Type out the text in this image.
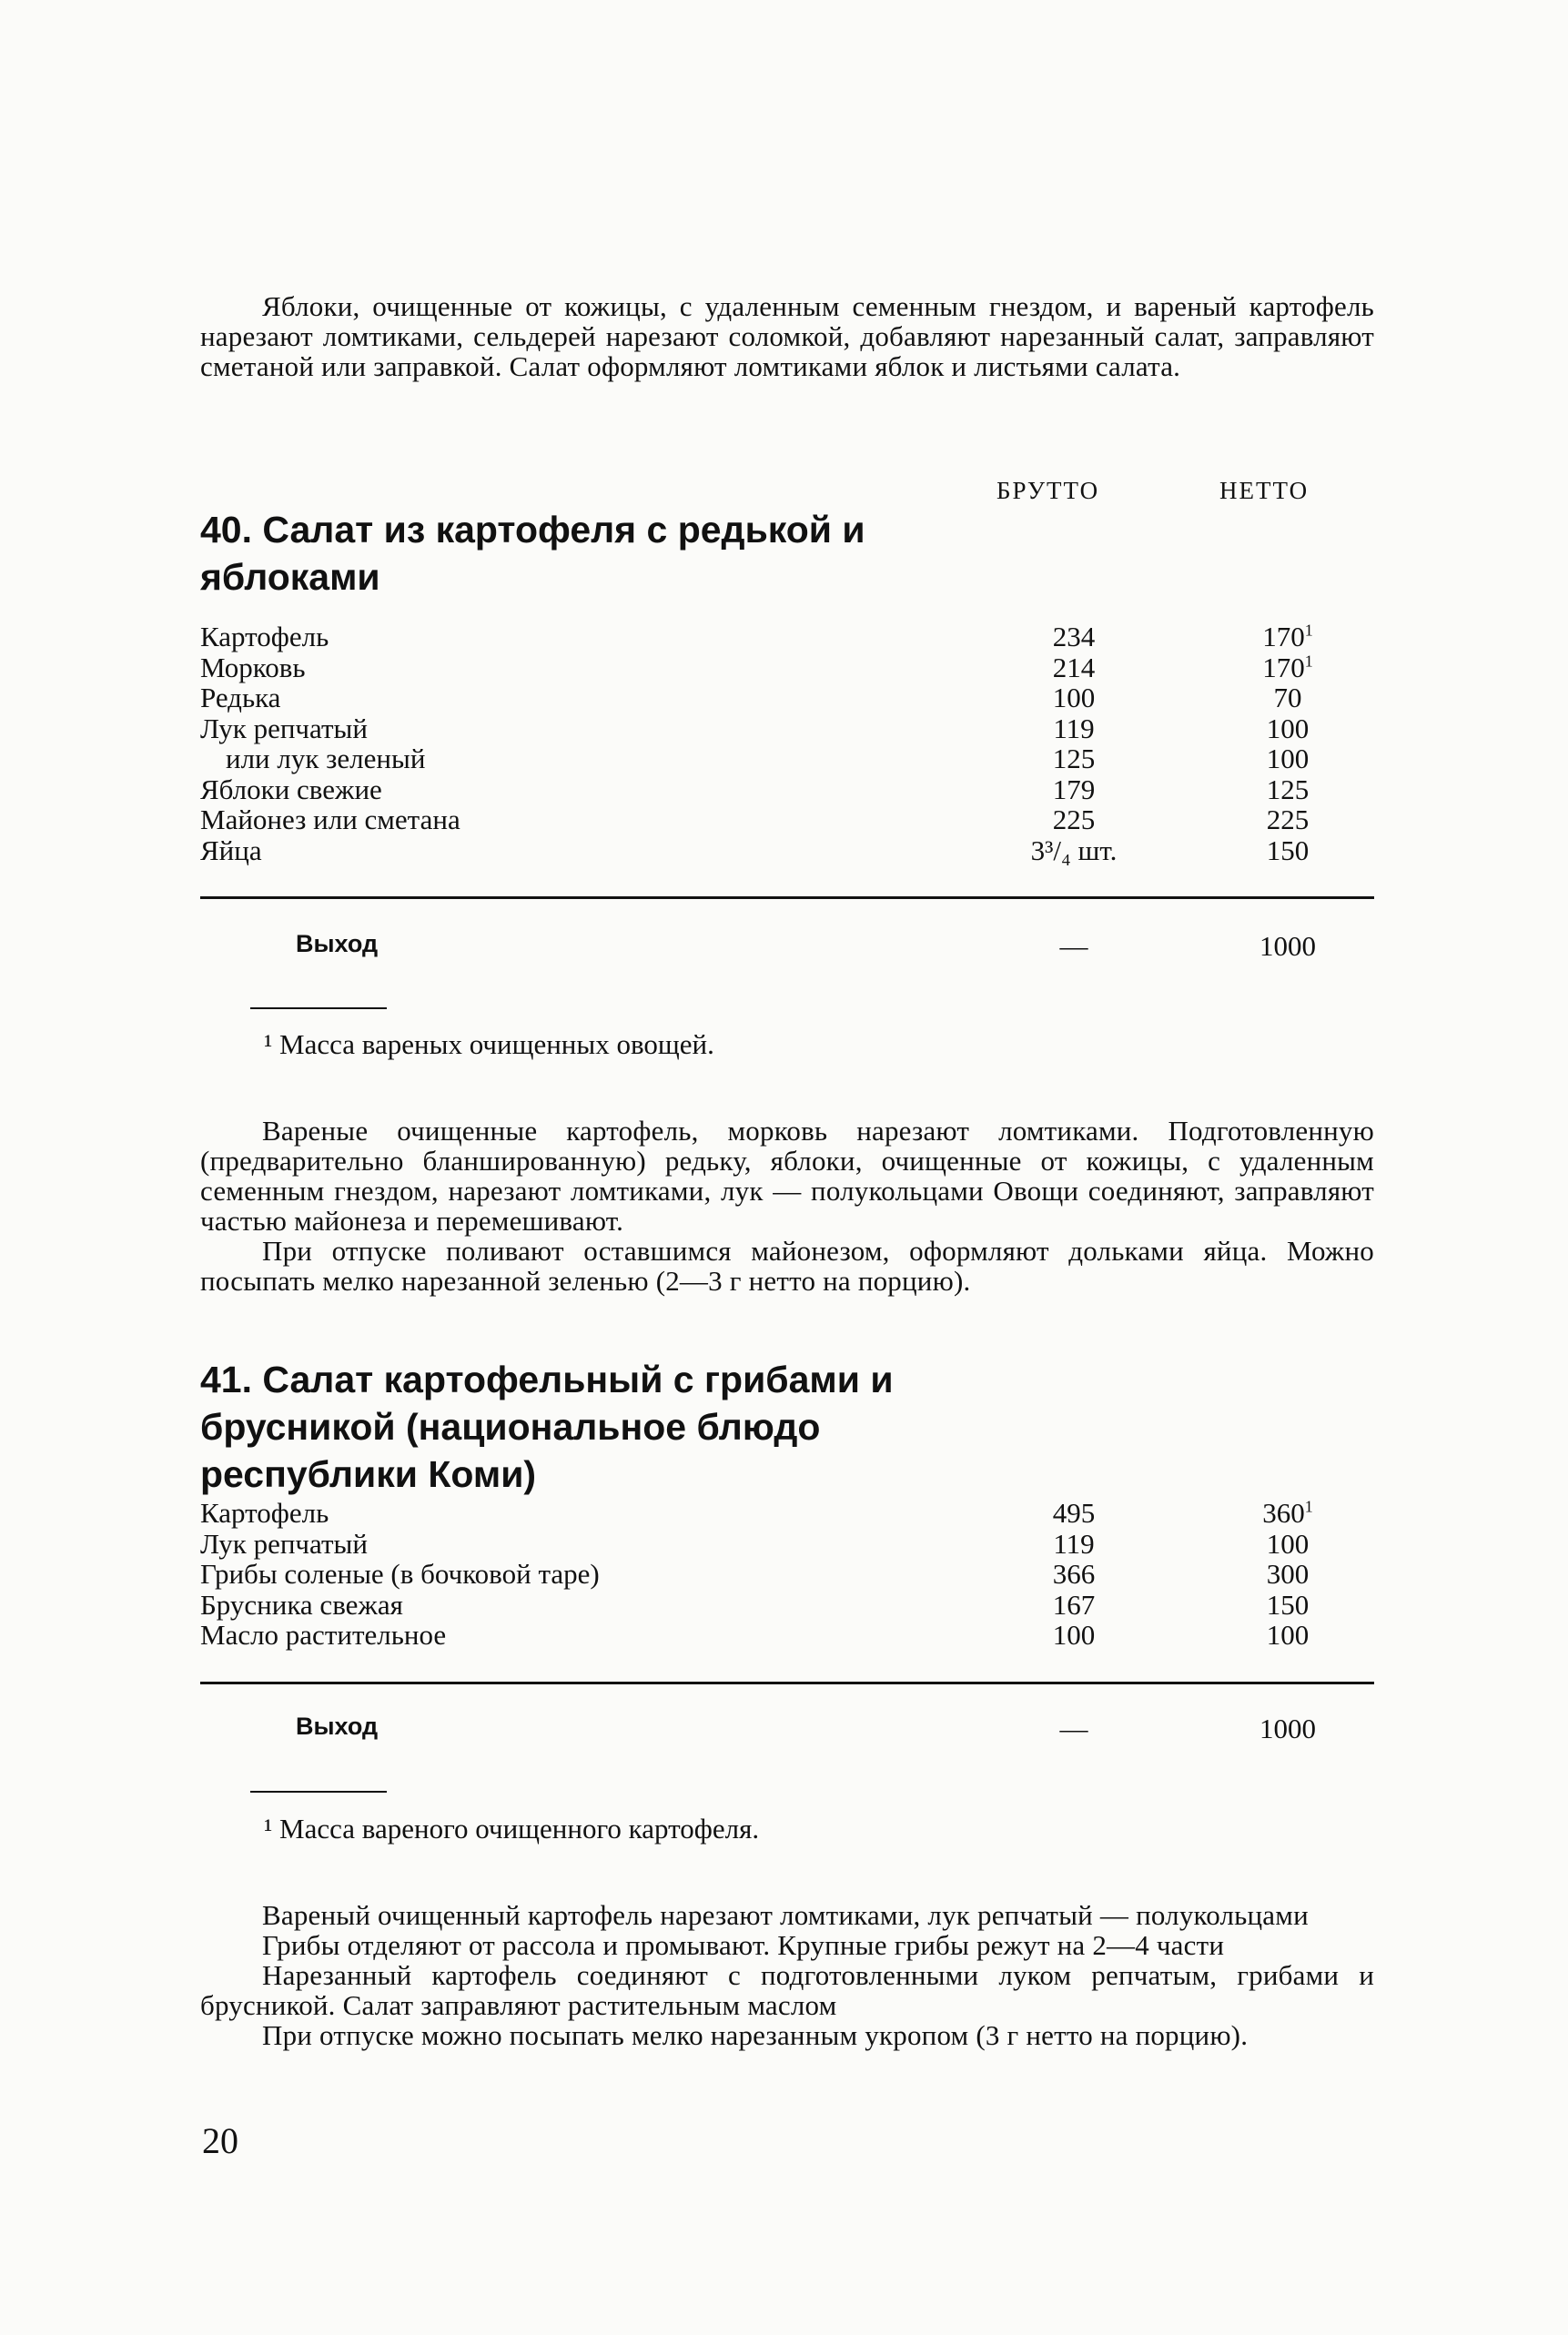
Яблоки, очищенные от кожицы, с удаленным семенным гнездом, и вареный картофель нарезают ломтиками, сельдерей нарезают соломкой, добавляют нарезанный салат, заправляют сметаной или заправкой. Салат оформляют ломтиками яблок и листьями салата.

БРУТТО	НЕТТО
40. Салат из картофеля с редькой и яблоками
Картофель	234	$170^1$
Морковь	214	$170^1$
Редька	100	70
Лук репчатый	119	100
или лук зеленый	125	100
Яблоки свежие	179	125
Майонез или сметана	225	225
Яйца	3³/₄ шт.	150
Выход	—	1000
¹ Масса вареных очищенных овощей.

Вареные очищенные картофель, морковь нарезают ломтиками. Подготовленную (предварительно бланшированную) редьку, яблоки, очищенные от кожицы, с удаленным семенным гнездом, нарезают ломтиками, лук — полукольцами Овощи соединяют, заправляют частью майонеза и перемешивают.

При отпуске поливают оставшимся майонезом, оформляют дольками яйца. Можно посыпать мелко нарезанной зеленью (2—3 г нетто на порцию).

41. Салат картофельный с грибами и брусникой (национальное блюдо республики Коми)
Картофель	495	$360^1$
Лук репчатый	119	100
Грибы соленые (в бочковой таре)	366	300
Брусника свежая	167	150
Масло растительное	100	100
Выход	—	1000
¹ Масса вареного очищенного картофеля.

Вареный очищенный картофель нарезают ломтиками, лук репчатый — полукольцами

Грибы отделяют от рассола и промывают. Крупные грибы режут на 2—4 части

Нарезанный картофель соединяют с подготовленными луком репчатым, грибами и брусникой. Салат заправляют растительным маслом

При отпуске можно посыпать мелко нарезанным укропом (3 г нетто на порцию).

20
